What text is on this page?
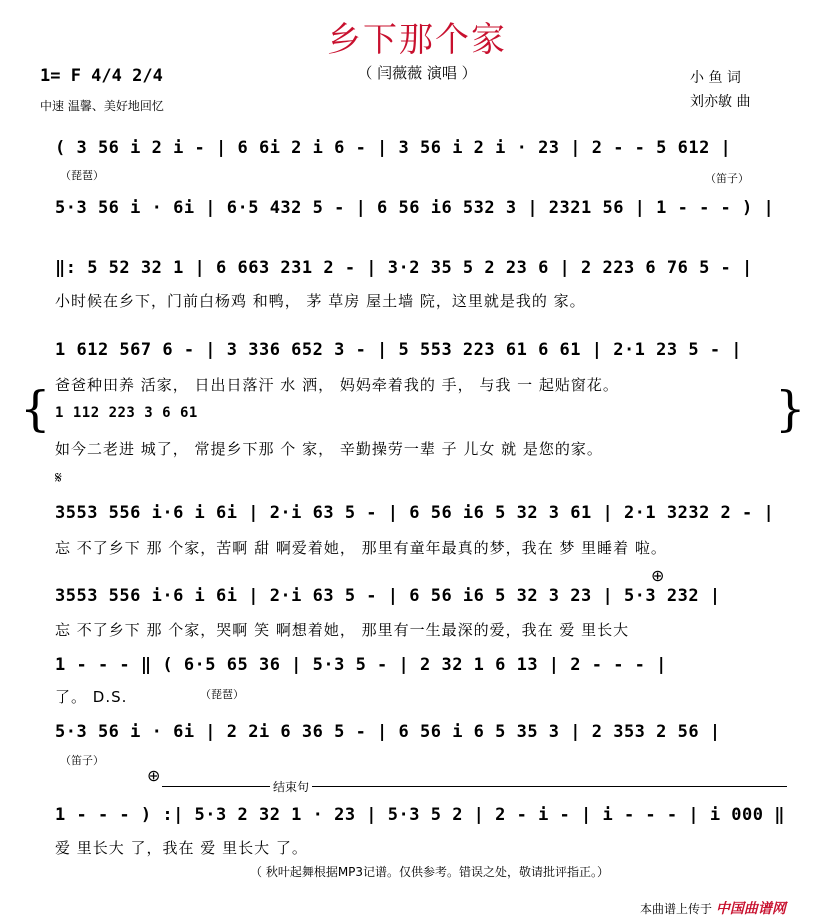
乡下那个家
（ 闫薇薇 演唱 ）
1= F 4/4 2/4
中速 温馨、美好地回忆
小 鱼 词
刘亦敏 曲
( 3 56 i 2 i - | 6 6i 2 i 6 - | 3 56 i 2 i · 23 | 2 - - 5 612 |
（琵琶）	（笛子）
5·3 56 i · 6i | 6·5 432 5 - | 6 56 i6 532 3 | 2321 56 | 1 - - - ) |
‖: 5 52 32 1 | 6 663 231 2 - | 3·2 35 5 2 23 6 | 2 223 6 76 5 - |
小时候在乡下，门前白杨鸡 和鸭， 茅 草房 屋土墙 院，这里就是我的 家。
1 612 567 6 - | 3 336 652 3 - | 5 553 223 61 6 61 | 2·1 23 5 - |
爸爸种田养 活家， 日出日落汗 水 洒， 妈妈牵着我的 手， 与我 一 起贴窗花。
{	}
1 112 223 3 6 61
如今二老进 城了， 常提乡下那 个 家， 辛勤操劳一辈 子 儿女 就 是您的家。
𝄋
3553 556 i·6 i 6i | 2·i 63 5 - | 6 56 i6 5 32 3 61 | 2·1 3232 2 - |
忘 不了乡下 那 个家，苦啊 甜 啊爱着她， 那里有童年最真的梦，我在 梦 里睡着 啦。
⊕
3553 556 i·6 i 6i | 2·i 63 5 - | 6 56 i6 5 32 3 23 | 5·3 232 |
忘 不了乡下 那 个家，哭啊 笑 啊想着她， 那里有一生最深的爱，我在 爱 里长大
1 - - - ‖ ( 6·5 65 36 | 5·3 5 - | 2 32 1 6 13 | 2 - - - |
了。 D.S.	（琵琶）
5·3 56 i · 6i | 2 2i 6 36 5 - | 6 56 i 6 5 35 3 | 2 353 2 56 |
（笛子）
⊕
结束句
1 - - - ) :| 5·3 2 32 1 · 23 | 5·3 5 2 | 2 - i - | i - - - | i 000 ‖
爱 里长大 了，我在 爱 里长大 了。
（ 秋叶起舞根据MP3记谱。仅供参考。错误之处，敬请批评指正。）
本曲谱上传于 中国曲谱网
